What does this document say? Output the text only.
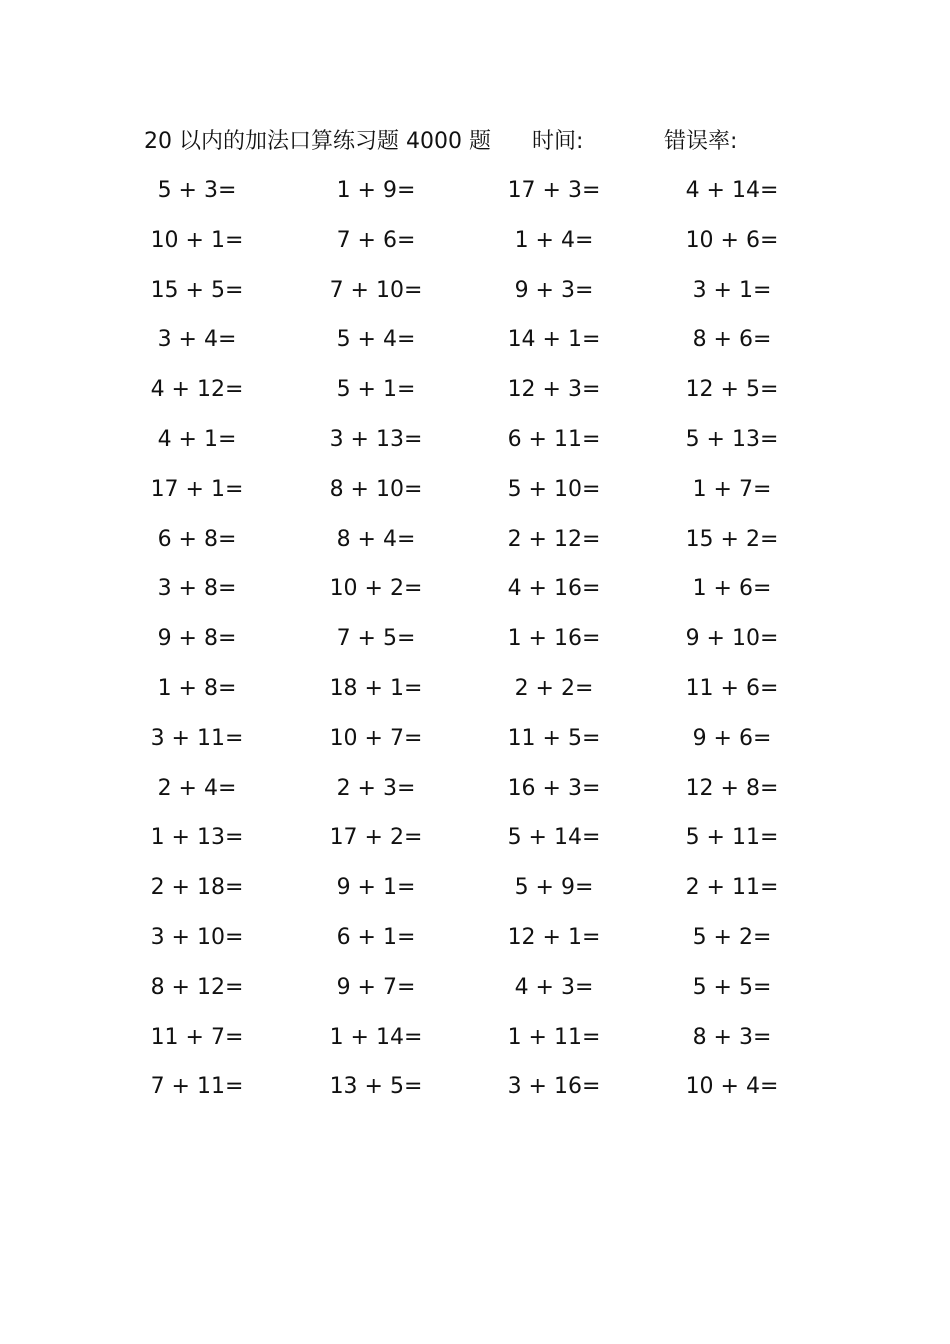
20 以内的加法口算练习题 4000 题 时间:	错误率:
5 + 3=	1 + 9=	17 + 3=	4 + 14=
10 + 1=	7 + 6=	1 + 4=	10 + 6=
15 + 5=	7 + 10=	9 + 3=	3 + 1=
3 + 4=	5 + 4=	14 + 1=	8 + 6=
4 + 12=	5 + 1=	12 + 3=	12 + 5=
4 + 1=	3 + 13=	6 + 11=	5 + 13=
17 + 1=	8 + 10=	5 + 10=	1 + 7=
6 + 8=	8 + 4=	2 + 12=	15 + 2=
3 + 8=	10 + 2=	4 + 16=	1 + 6=
9 + 8=	7 + 5=	1 + 16=	9 + 10=
1 + 8=	18 + 1=	2 + 2=	11 + 6=
3 + 11=	10 + 7=	11 + 5=	9 + 6=
2 + 4=	2 + 3=	16 + 3=	12 + 8=
1 + 13=	17 + 2=	5 + 14=	5 + 11=
2 + 18=	9 + 1=	5 + 9=	2 + 11=
3 + 10=	6 + 1=	12 + 1=	5 + 2=
8 + 12=	9 + 7=	4 + 3=	5 + 5=
11 + 7=	1 + 14=	1 + 11=	8 + 3=
7 + 11=	13 + 5=	3 + 16=	10 + 4=
